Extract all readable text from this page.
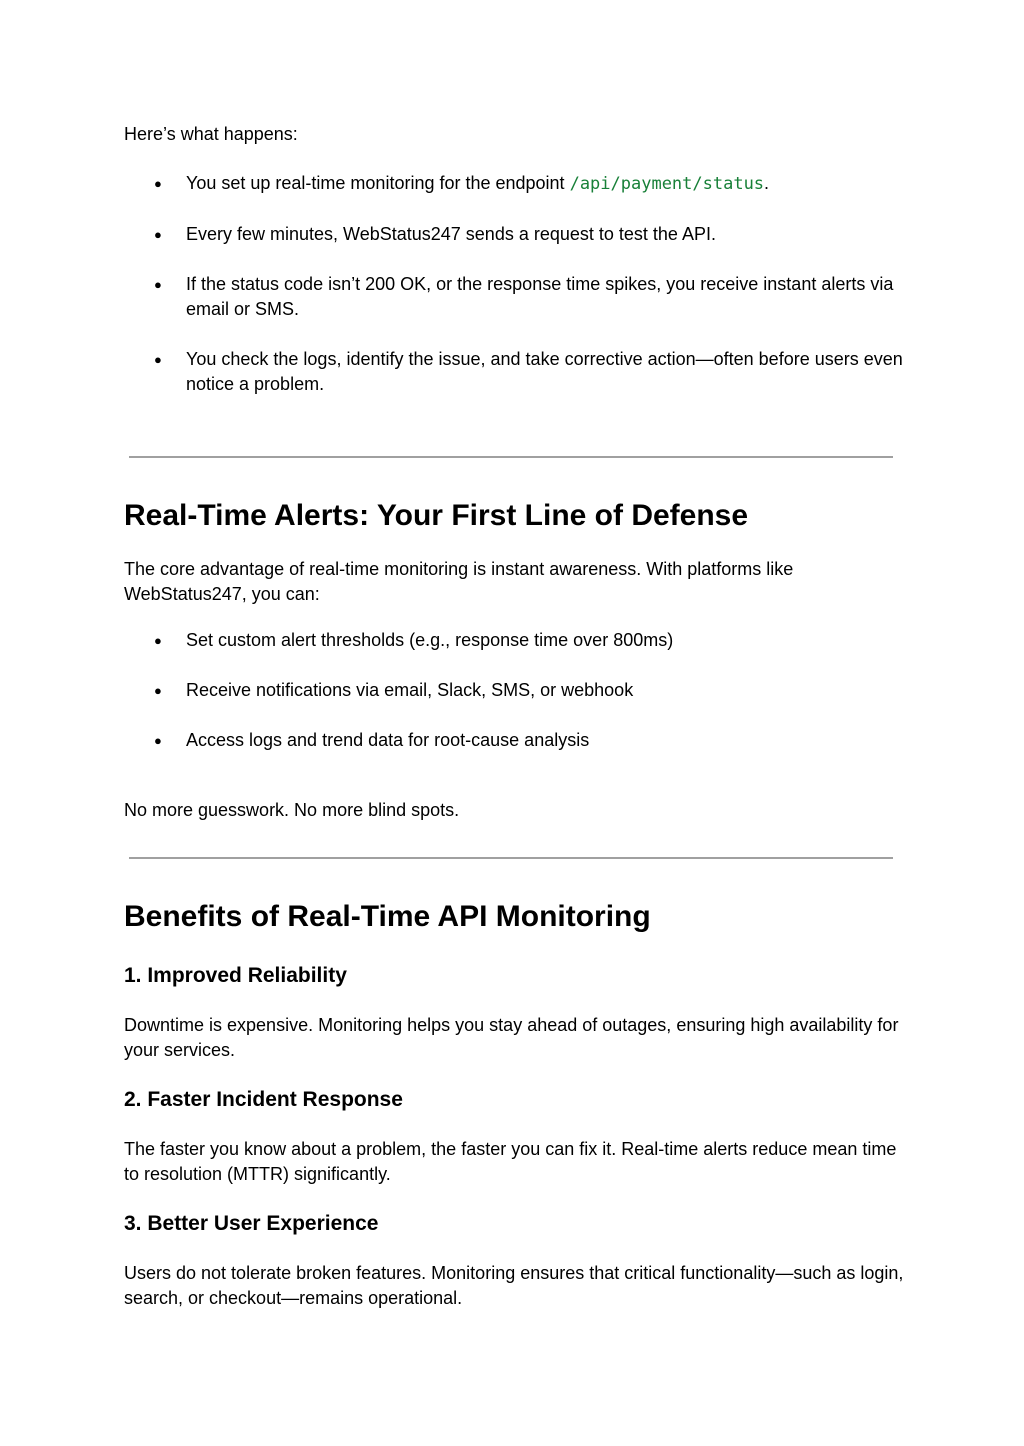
Here’s what happens:

●	You set up real-time monitoring for the endpoint /api/payment/status.
●	Every few minutes, WebStatus247 sends a request to test the API.
●	If the status code isn’t 200 OK, or the response time spikes, you receive instant alerts via email or SMS.
●	You check the logs, identify the issue, and take corrective action—often before users even notice a problem.
Real-Time Alerts: Your First Line of Defense

The core advantage of real-time monitoring is instant awareness. With platforms like WebStatus247, you can:

●	Set custom alert thresholds (e.g., response time over 800ms)
●	Receive notifications via email, Slack, SMS, or webhook
●	Access logs and trend data for root-cause analysis

No more guesswork. No more blind spots.

Benefits of Real-Time API Monitoring
1. Improved Reliability

Downtime is expensive. Monitoring helps you stay ahead of outages, ensuring high availability for your services.

2. Faster Incident Response

The faster you know about a problem, the faster you can fix it. Real-time alerts reduce mean time to resolution (MTTR) significantly.

3. Better User Experience

Users do not tolerate broken features. Monitoring ensures that critical functionality—such as login, search, or checkout—remains operational.
